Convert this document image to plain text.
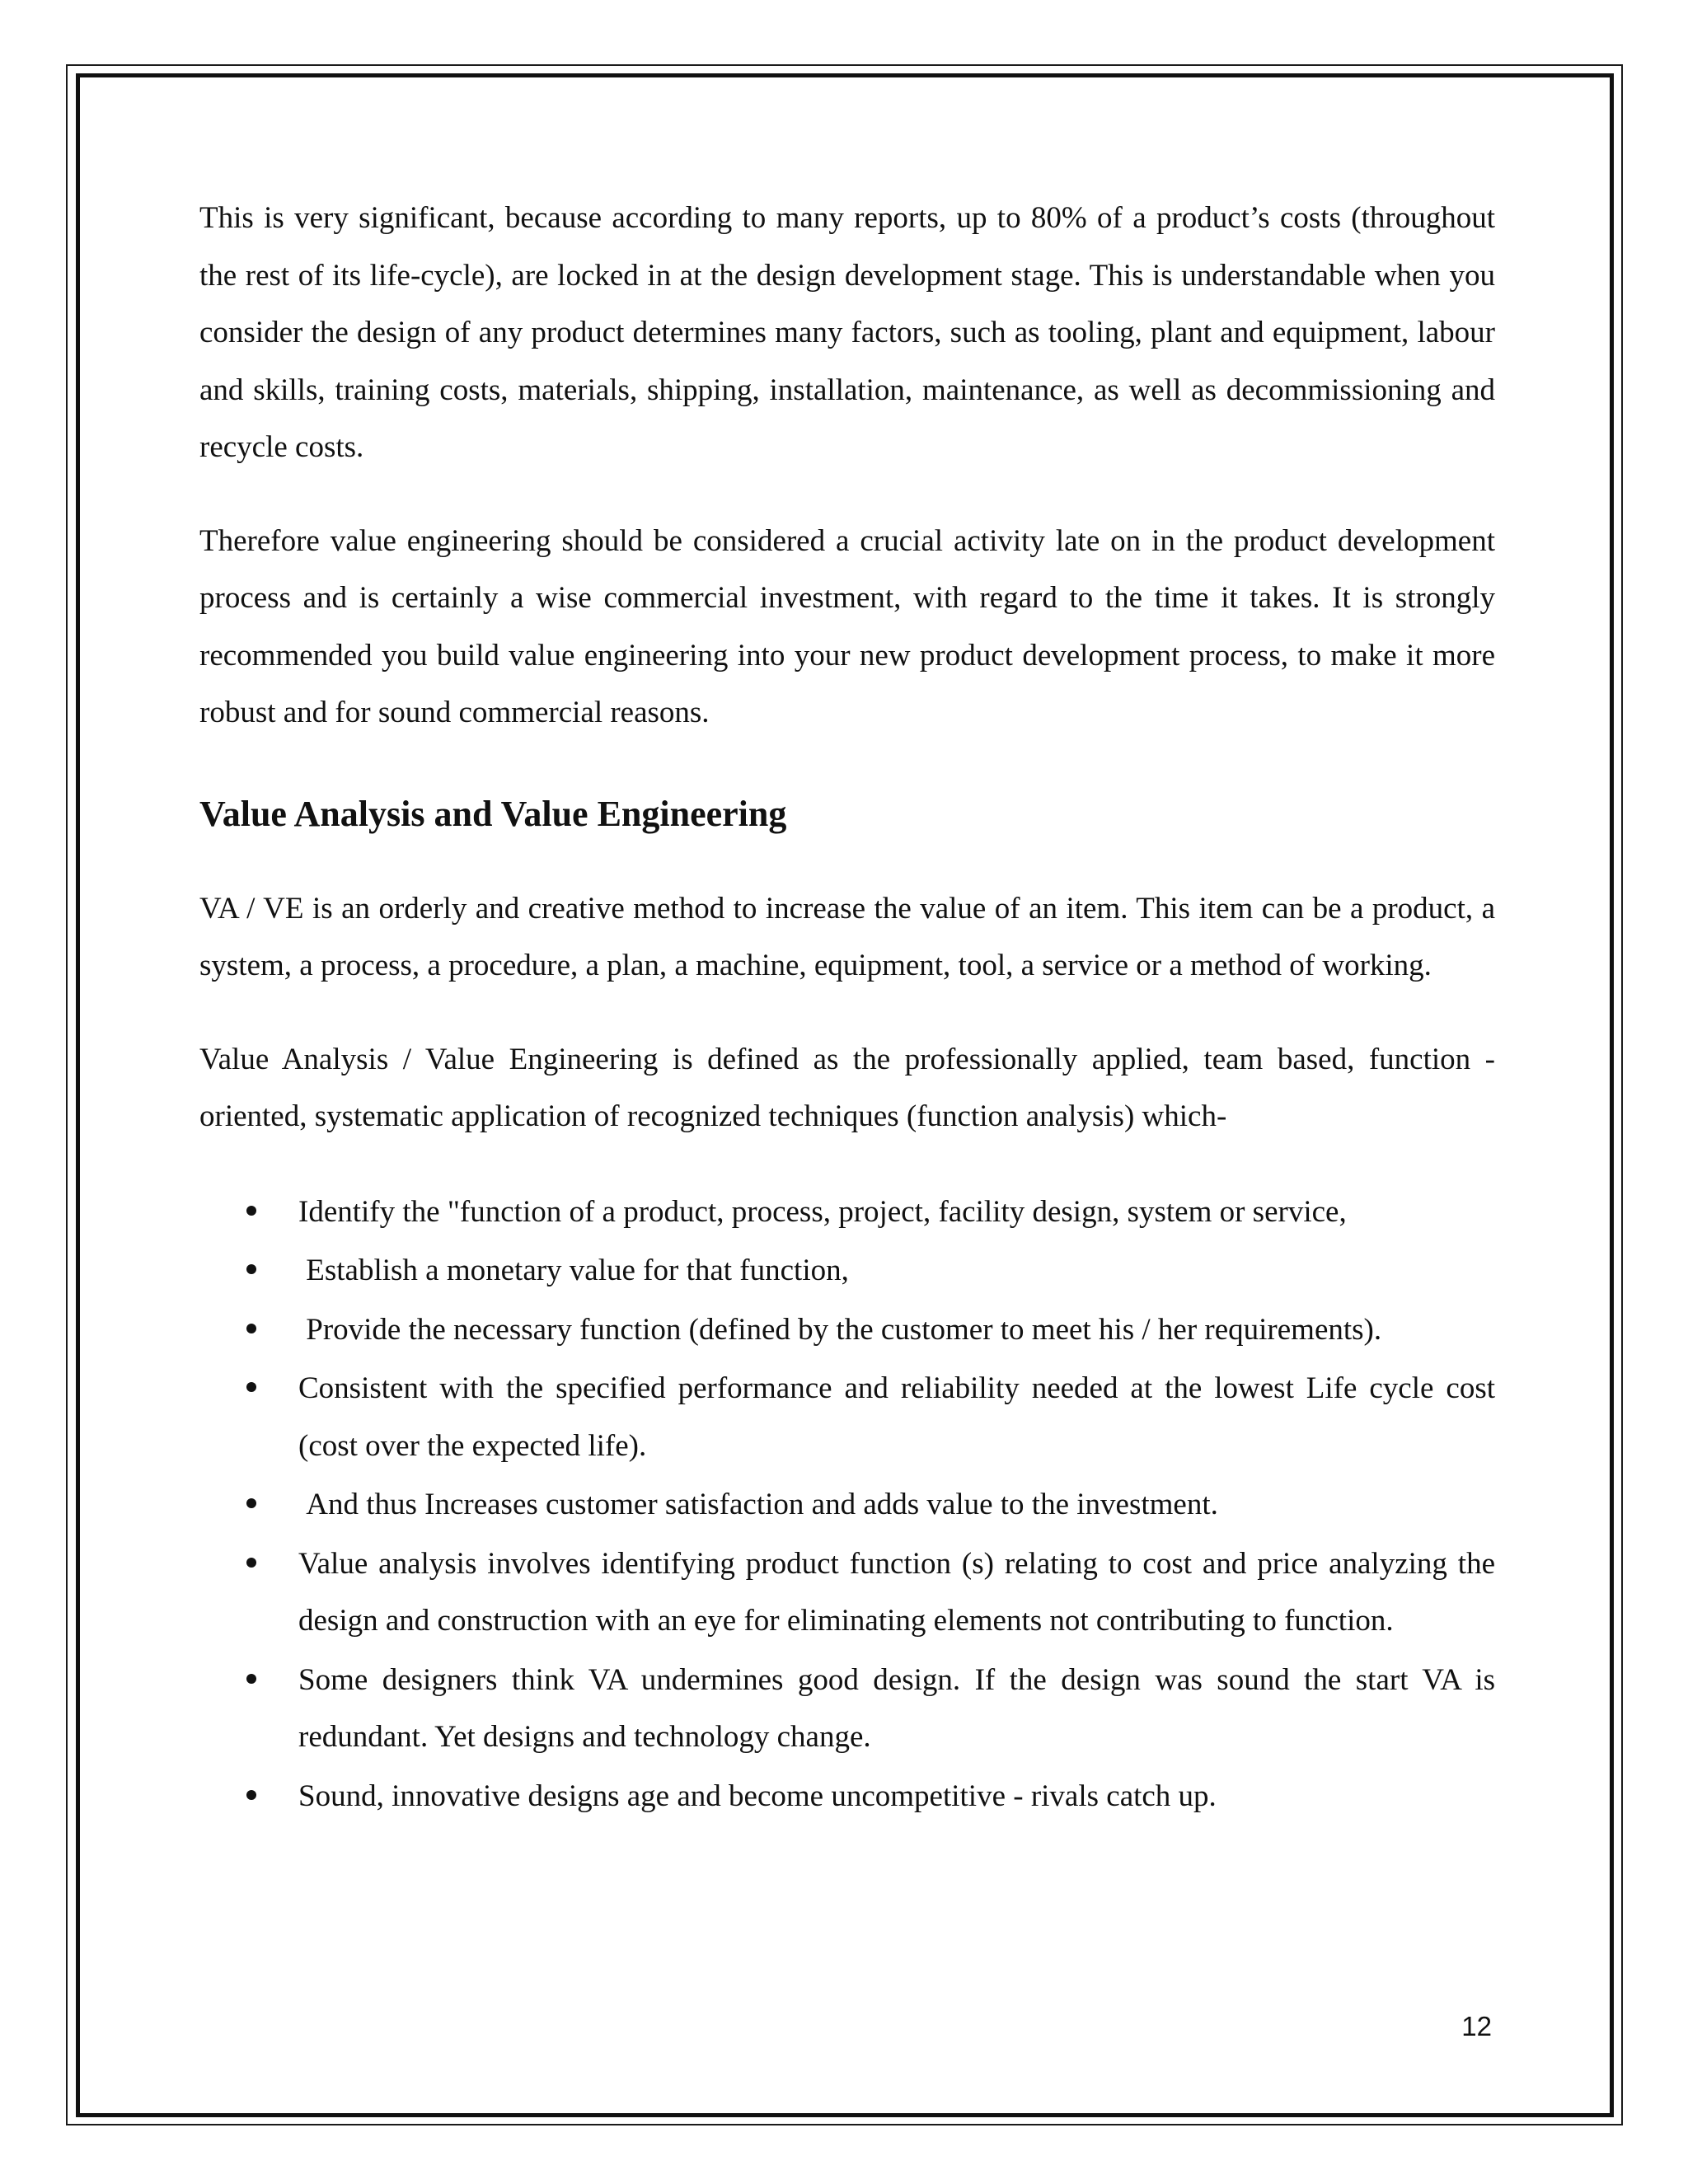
This is very significant, because according to many reports, up to 80% of a product’s costs (throughout the rest of its life-cycle), are locked in at the design development stage. This is understandable when you consider the design of any product determines many factors, such as tooling, plant and equipment, labour and skills, training costs, materials, shipping, installation, maintenance, as well as decommissioning and recycle costs.

Therefore value engineering should be considered a crucial activity late on in the product development process and is certainly a wise commercial investment, with regard to the time it takes. It is strongly recommended you build value engineering into your new product development process, to make it more robust and for sound commercial reasons.

Value Analysis and Value Engineering

VA / VE is an orderly and creative method to increase the value of an item. This item can be a product, a system, a process, a procedure, a plan, a machine, equipment, tool, a service or a method of working.

Value Analysis / Value Engineering is defined as the professionally applied, team based, function - oriented, systematic application of recognized techniques (function analysis) which-

Identify the "function of a product, process, project, facility design, system or service,
Establish a monetary value for that function,
Provide the necessary function (defined by the customer to meet his / her requirements).
Consistent with the specified performance and reliability needed at the lowest Life cycle cost (cost over the expected life).
And thus Increases customer satisfaction and adds value to the investment.
Value analysis involves identifying product function (s) relating to cost and price analyzing the design and construction with an eye for eliminating elements not contributing to function.
Some designers think VA undermines good design. If the design was sound the start VA is redundant. Yet designs and technology change.
Sound, innovative designs age and become uncompetitive - rivals catch up.
12
